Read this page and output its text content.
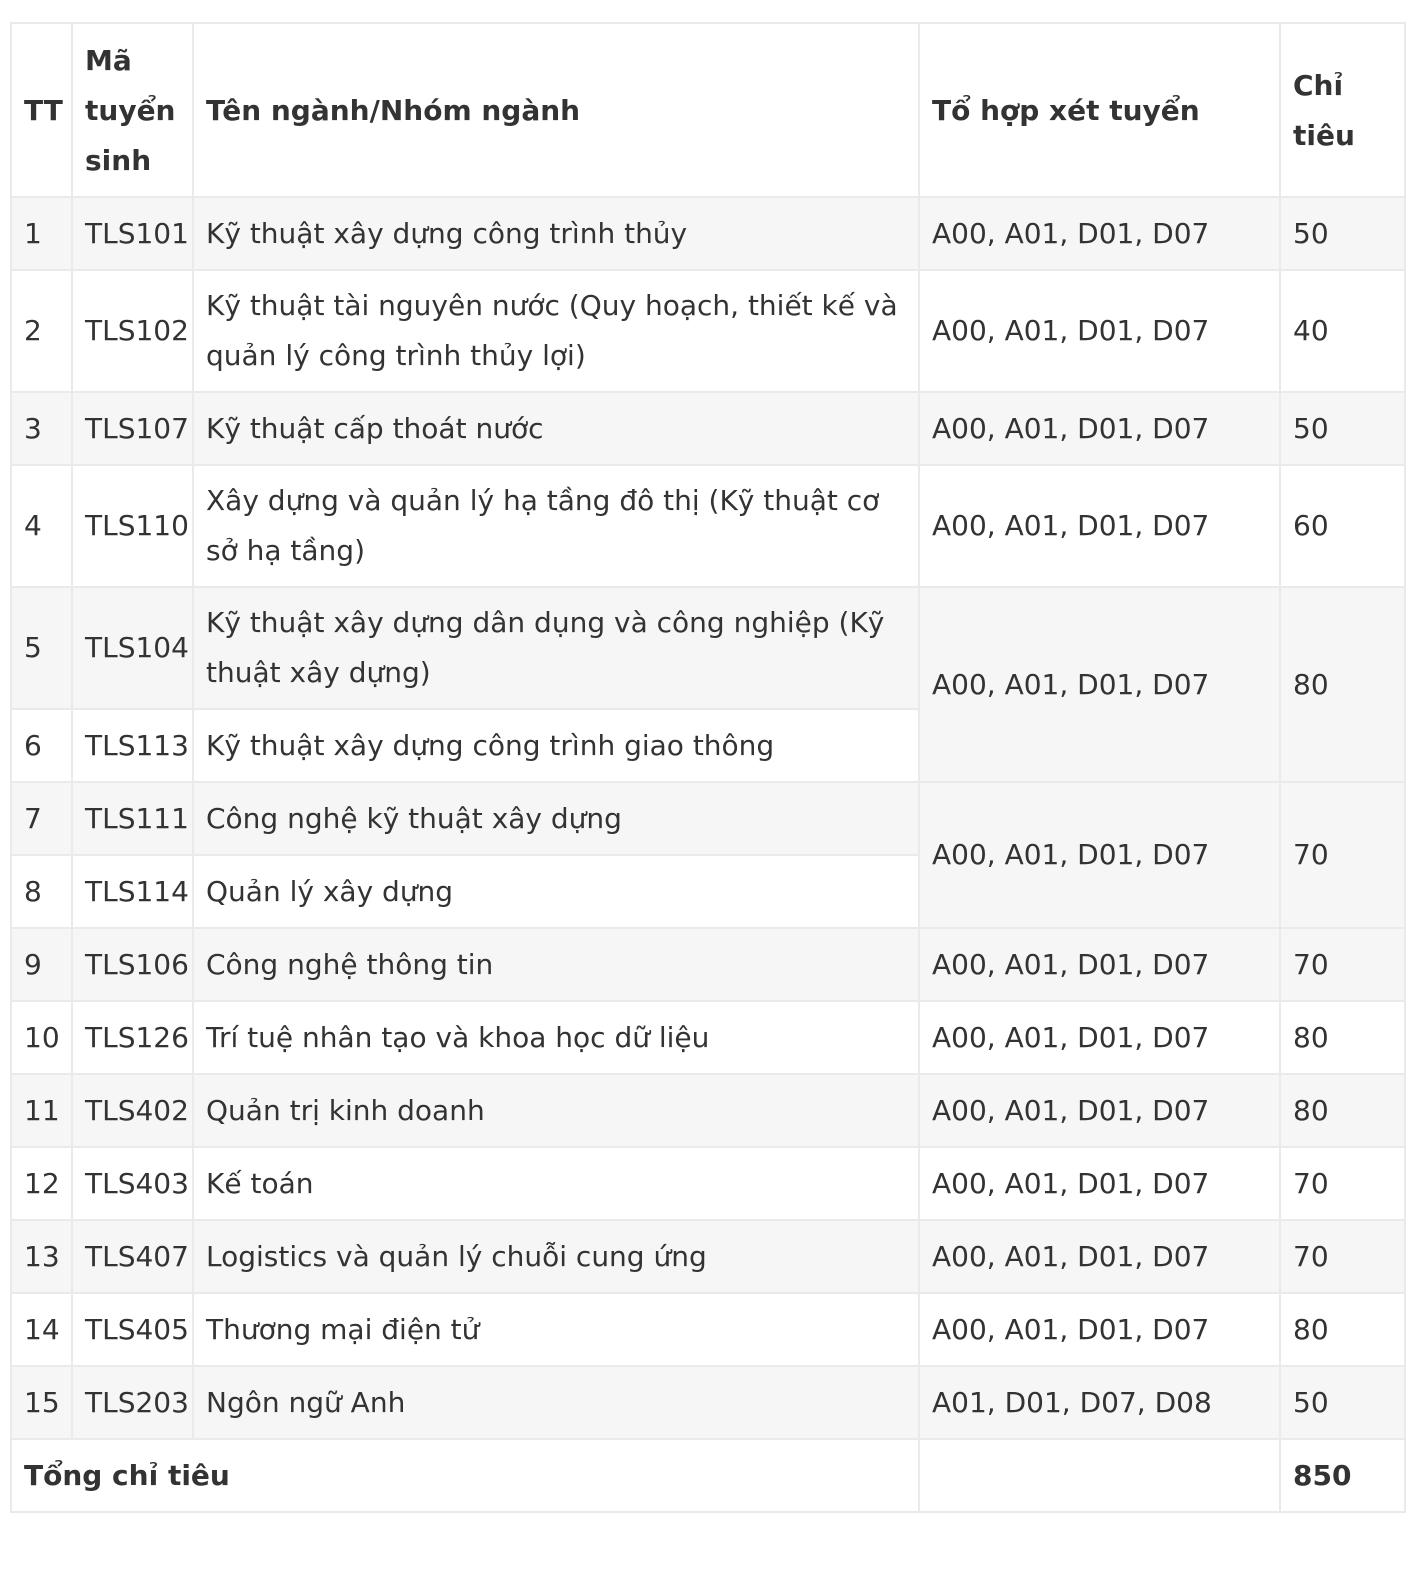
TT	Mã tuyển sinh	Tên ngành/Nhóm ngành	Tổ hợp xét tuyển	Chỉ tiêu
1	TLS101	Kỹ thuật xây dựng công trình thủy	A00, A01, D01, D07	50
2	TLS102	Kỹ thuật tài nguyên nước (Quy hoạch, thiết kế và quản lý công trình thủy lợi)	A00, A01, D01, D07	40
3	TLS107	Kỹ thuật cấp thoát nước	A00, A01, D01, D07	50
4	TLS110	Xây dựng và quản lý hạ tầng đô thị (Kỹ thuật cơ sở hạ tầng)	A00, A01, D01, D07	60
5	TLS104	Kỹ thuật xây dựng dân dụng và công nghiệp (Kỹ thuật xây dựng)	A00, A01, D01, D07	80
6	TLS113	Kỹ thuật xây dựng công trình giao thông		
7	TLS111	Công nghệ kỹ thuật xây dựng	A00, A01, D01, D07	70
8	TLS114	Quản lý xây dựng		
9	TLS106	Công nghệ thông tin	A00, A01, D01, D07	70
10	TLS126	Trí tuệ nhân tạo và khoa học dữ liệu	A00, A01, D01, D07	80
11	TLS402	Quản trị kinh doanh	A00, A01, D01, D07	80
12	TLS403	Kế toán	A00, A01, D01, D07	70
13	TLS407	Logistics và quản lý chuỗi cung ứng	A00, A01, D01, D07	70
14	TLS405	Thương mại điện tử	A00, A01, D01, D07	80
15	TLS203	Ngôn ngữ Anh	A01, D01, D07, D08	50
Tổng chỉ tiêu				850
